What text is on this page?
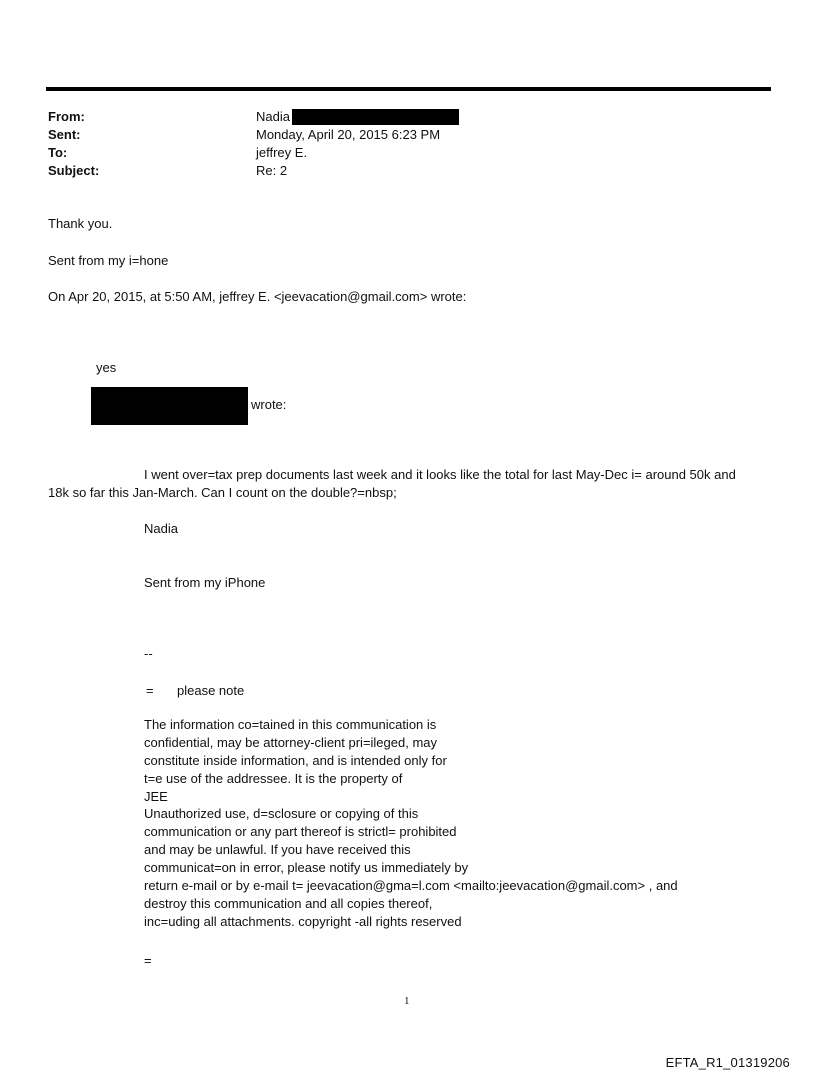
From:	Nadia
Sent:	Monday, April 20, 2015 6:23 PM
To:	jeffrey E.
Subject:	Re: 2
Thank you.
Sent from my i=hone
On Apr 20, 2015, at 5:50 AM, jeffrey E. <jeevacation@gmail.com> wrote:
yes
wrote:
I went over=tax prep documents last week and it looks like the total for last May-Dec i= around 50k and
18k so far this Jan-March. Can I count on the double?=nbsp;
Nadia
Sent from my iPhone
--
= please note
The information co=tained in this communication is
confidential, may be attorney-client pri=ileged, may
constitute inside information, and is intended only for
t=e use of the addressee. It is the property of
JEE
Unauthorized use, d=sclosure or copying of this
communication or any part thereof is strictl= prohibited
and may be unlawful. If you have received this
communicat=on in error, please notify us immediately by
return e-mail or by e-mail t= jeevacation@gma=l.com <mailto:jeevacation@gmail.com> , and
destroy this communication and all copies thereof,
inc=uding all attachments. copyright -all rights reserved
=
1
EFTA_R1_01319206
